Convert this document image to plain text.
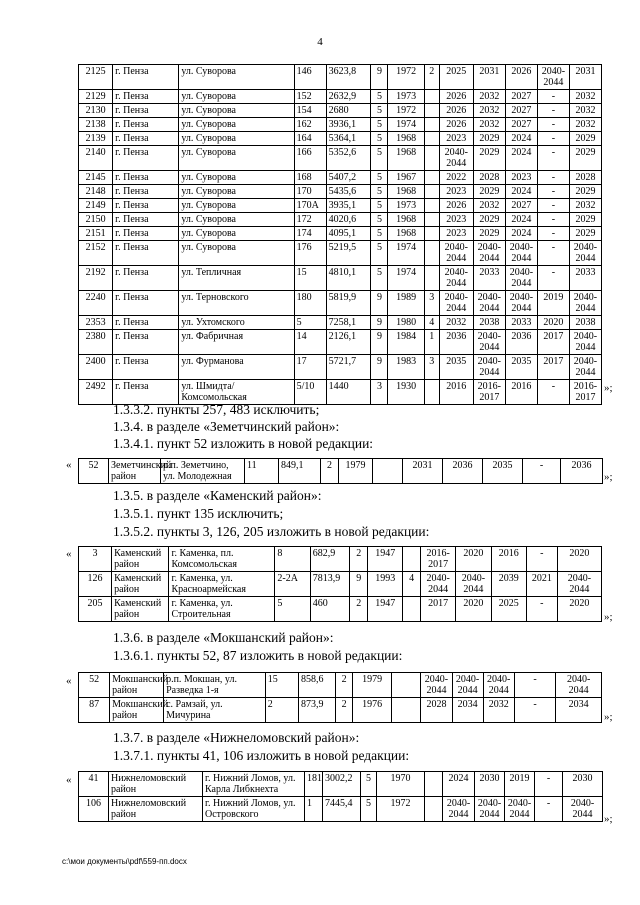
4
2125	г. Пенза	ул. Суворова	146	3623,8	9	1972	2	2025	2031	2026	2040-2044	2031
2129	г. Пенза	ул. Суворова	152	2632,9	5	1973		2026	2032	2027	-	2032
2130	г. Пенза	ул. Суворова	154	2680	5	1972		2026	2032	2027	-	2032
2138	г. Пенза	ул. Суворова	162	3936,1	5	1974		2026	2032	2027	-	2032
2139	г. Пенза	ул. Суворова	164	5364,1	5	1968		2023	2029	2024	-	2029
2140	г. Пенза	ул. Суворова	166	5352,6	5	1968		2040-2044	2029	2024	-	2029
2145	г. Пенза	ул. Суворова	168	5407,2	5	1967		2022	2028	2023	-	2028
2148	г. Пенза	ул. Суворова	170	5435,6	5	1968		2023	2029	2024	-	2029
2149	г. Пенза	ул. Суворова	170А	3935,1	5	1973		2026	2032	2027	-	2032
2150	г. Пенза	ул. Суворова	172	4020,6	5	1968		2023	2029	2024	-	2029
2151	г. Пенза	ул. Суворова	174	4095,1	5	1968		2023	2029	2024	-	2029
2152	г. Пенза	ул. Суворова	176	5219,5	5	1974		2040-2044	2040-2044	2040-2044	-	2040-2044
2192	г. Пенза	ул. Тепличная	15	4810,1	5	1974		2040-2044	2033	2040-2044	-	2033
2240	г. Пенза	ул. Терновского	180	5819,9	9	1989	3	2040-2044	2040-2044	2040-2044	2019	2040-2044
2353	г. Пенза	ул. Ухтомского	5	7258,1	9	1980	4	2032	2038	2033	2020	2038
2380	г. Пенза	ул. Фабричная	14	2126,1	9	1984	1	2036	2040-2044	2036	2017	2040-2044
2400	г. Пенза	ул. Фурманова	17	5721,7	9	1983	3	2035	2040-2044	2035	2017	2040-2044
2492	г. Пенза	ул. Шмидта/Комсомольская	5/10	1440	3	1930		2016	2016-2017	2016	-	2016-2017
»;
1.3.3.2. пункты 257, 483 исключить;
1.3.4. в разделе «Земетчинский район»:
1.3.4.1. пункт 52 изложить в новой редакции:
« 52	Земетчинский район	р.п. Земетчино, ул. Молодежная	11	849,1	2	1979		2031	2036	2035	-	2036
»;
1.3.5. в разделе «Каменский район»:
1.3.5.1. пункт 135 исключить;
1.3.5.2. пункты 3, 126, 205 изложить в новой редакции:
« 3	Каменский район	г. Каменка, пл. Комсомольская	8	682,9	2	1947		2016-2017	2020	2016	-	2020
126	Каменский район	г. Каменка, ул. Красноармейская	2-2А	7813,9	9	1993	4	2040-2044	2040-2044	2039	2021	2040-2044
205	Каменский район	г. Каменка, ул. Строительная	5	460	2	1947		2017	2020	2025	-	2020
»;
1.3.6. в разделе «Мокшанский район»:
1.3.6.1. пункты 52, 87 изложить в новой редакции:
« 52	Мокшанский район	р.п. Мокшан, ул. Разведка 1-я	15	858,6	2	1979		2040-2044	2040-2044	2040-2044	-	2040-2044
87	Мокшанский район	с. Рамзай, ул. Мичурина	2	873,9	2	1976		2028	2034	2032	-	2034
»;
1.3.7. в разделе «Нижнеломовский район»:
1.3.7.1. пункты 41, 106 изложить в новой редакции:
« 41	Нижнеломовский район	г. Нижний Ломов, ул. Карла Либкнехта	181	3002,2	5	1970		2024	2030	2019	-	2030
106	Нижнеломовский район	г. Нижний Ломов, ул. Островского	1	7445,4	5	1972		2040-2044	2040-2044	2040-2044	-	2040-2044 »;
c:\мои документы\pdf\559-пп.docx
